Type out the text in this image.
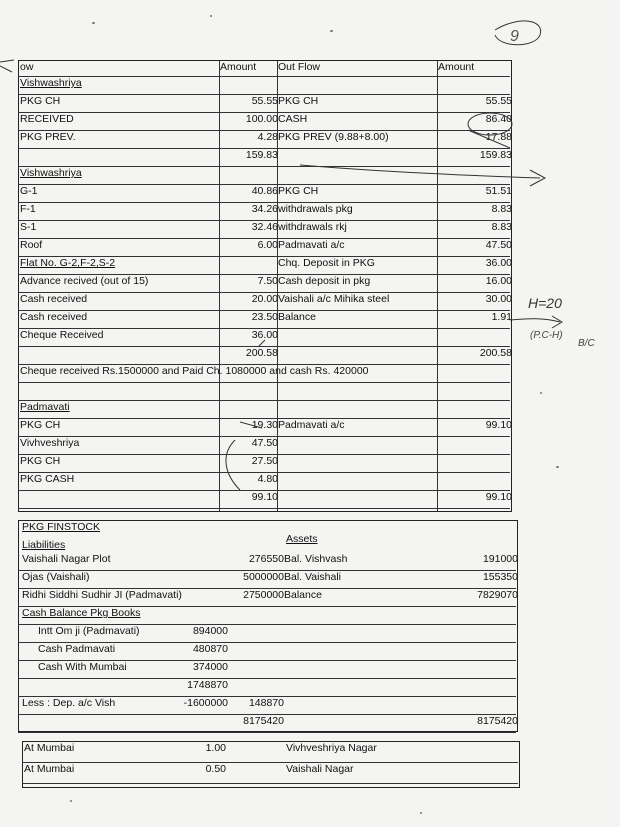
9
ow	Amount	Out Flow	Amount
Vishwashriya
PKG CH	55.55 PKG CH	55.55
RECEIVED	100.00 CASH	86.40
PKG PREV.	4.28 PKG PREV (9.88+8.00)	17.88
159.83	159.83
Vishwashriya
G-1	40.86 PKG CH	51.51
F-1	34.26 withdrawals pkg	8.83
S-1	32.46 withdrawals rkj	8.83
Roof	6.00 Padmavati a/c	47.50
Flat No. G-2,F-2,S-2	Chq. Deposit in PKG	36.00
Advance recived (out of 15)	7.50 Cash deposit in pkg	16.00
Cash received	20.00 Vaishali a/c Mihika steel	30.00
Cash received	23.50 Balance	1.91
Cheque Received	36.00
200.58	200.58
Cheque received Rs.1500000 and Paid Ch. 1080000 and cash Rs. 420000
Padmavati
PKG CH	19.30 Padmavati a/c	99.10
Vivhveshriya	47.50
PKG CH	27.50
PKG CASH	4.80
99.10	99.10
PKG FINSTOCK
Liabilities	Assets
Vaishali Nagar Plot	276550 Bal. Vishvash	191000
Ojas (Vaishali)	5000000 Bal. Vaishali	155350
Ridhi Siddhi Sudhir JI (Padmavati)	2750000 Balance	7829070
Cash Balance Pkg Books
Intt Om ji (Padmavati)	894000
Cash Padmavati	480870
Cash With Mumbai	374000
1748870
Less : Dep. a/c Vish	-1600000	148870
8175420	8175420
At Mumbai	1.00	Vivhveshriya Nagar
At Mumbai	0.50	Vaishali Nagar
H=20
(P.C-H)
B/C
